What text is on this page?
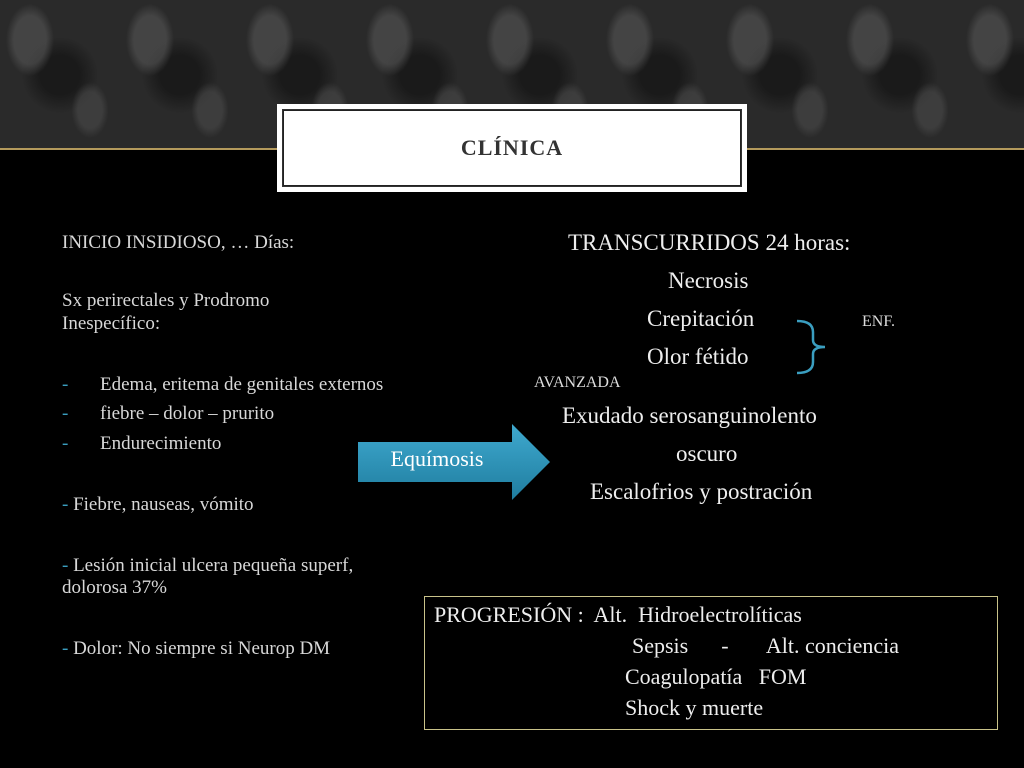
CLÍNICA

INICIO INSIDIOSO, … Días:

Sx perirectales y Prodromo

Inespecífico:

- Edema, eritema de genitales externos
- fiebre – dolor – prurito
- Endurecimiento

- Fiebre, nauseas, vómito

- Lesión inicial ulcera pequeña superf,

dolorosa 37%

- Dolor: No siempre si Neurop DM

TRANSCURRIDOS 24 horas:
Necrosis
Crepitación
Olor fétido
ENF.
AVANZADA
Exudado serosanguinolento
oscuro
Escalofrios y postración
Equímosis
PROGRESIÓN :  Alt.  Hidroelectrolíticas
Sepsis      -       Alt. conciencia
Coagulopatía   FOM
Shock y muerte
